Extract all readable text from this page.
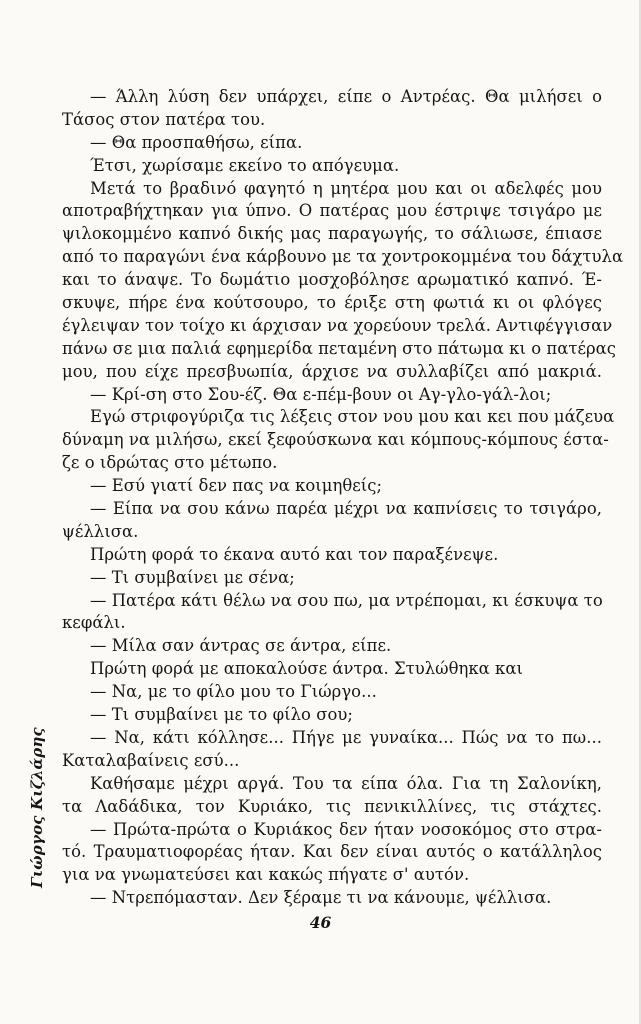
— Άλλη λύση δεν υπάρχει, είπε ο Αντρέας. Θα μιλήσει ο
Τάσος στον πατέρα του.
— Θα προσπαθήσω, είπα.
Έτσι, χωρίσαμε εκείνο το απόγευμα.
Μετά το βραδινό φαγητό η μητέρα μου και οι αδελφές μου
αποτραβήχτηκαν για ύπνο. Ο πατέρας μου έστριψε τσιγάρο με
ψιλοκομμένο καπνό δικής μας παραγωγής, το σάλιωσε, έπιασε
από το παραγώνι ένα κάρβουνο με τα χοντροκομμένα του δάχτυλα
και το άναψε. Το δωμάτιο μοσχοβόλησε αρωματικό καπνό. Έ-
σκυψε, πήρε ένα κούτσουρο, το έριξε στη φωτιά κι οι φλόγες
έγλειψαν τον τοίχο κι άρχισαν να χορεύουν τρελά. Αντιφέγγισαν
πάνω σε μια παλιά εφημερίδα πεταμένη στο πάτωμα κι ο πατέρας
μου, που είχε πρεσβυωπία, άρχισε να συλλαβίζει από μακριά.
— Κρί-ση στο Σου-έζ. Θα ε-πέμ-βουν οι Αγ-γλο-γάλ-λοι;
Εγώ στριφογύριζα τις λέξεις στον νου μου και κει που μάζευα
δύναμη να μιλήσω, εκεί ξεφούσκωνα και κόμπους-κόμπους έστα-
ζε ο ιδρώτας στο μέτωπο.
— Εσύ γιατί δεν πας να κοιμηθείς;
— Είπα να σου κάνω παρέα μέχρι να καπνίσεις το τσιγάρο,
ψέλλισα.
Πρώτη φορά το έκανα αυτό και τον παραξένεψε.
— Τι συμβαίνει με σένα;
— Πατέρα κάτι θέλω να σου πω, μα ντρέπομαι, κι έσκυψα το
κεφάλι.
— Μίλα σαν άντρας σε άντρα, είπε.
Πρώτη φορά με αποκαλούσε άντρα. Στυλώθηκα και
— Να, με το φίλο μου το Γιώργο...
— Τι συμβαίνει με το φίλο σου;
— Να, κάτι κόλλησε... Πήγε με γυναίκα... Πώς να το πω...
Καταλαβαίνεις εσύ...
Καθήσαμε μέχρι αργά. Του τα είπα όλα. Για τη Σαλονίκη,
τα Λαδάδικα, τον Κυριάκο, τις πενικιλλίνες, τις στάχτες.
— Πρώτα-πρώτα ο Κυριάκος δεν ήταν νοσοκόμος στο στρα-
τό. Τραυματιοφορέας ήταν. Και δεν είναι αυτός ο κατάλληλος
για να γνωματεύσει και κακώς πήγατε σ' αυτόν.
— Ντρεπόμασταν. Δεν ξέραμε τι να κάνουμε, ψέλλισα.
Γιώργος Κιζλάρης
46
